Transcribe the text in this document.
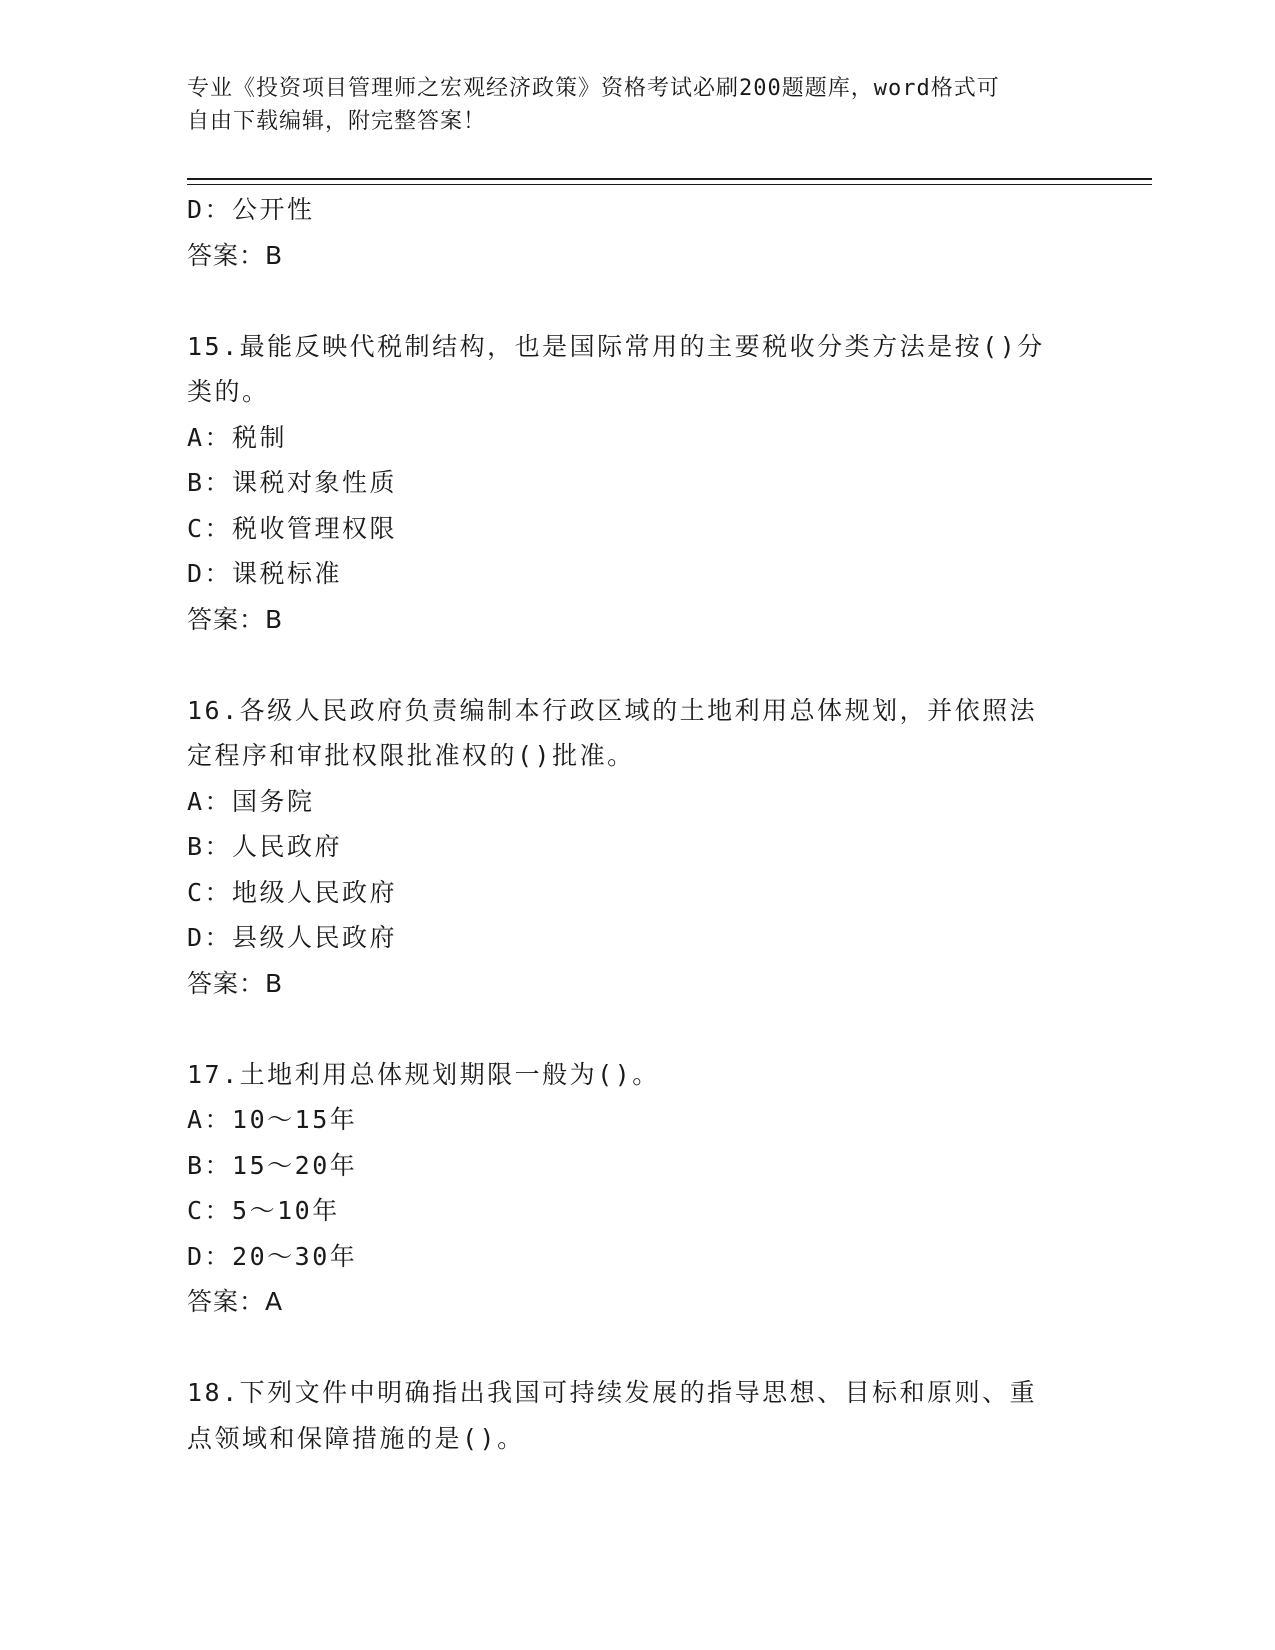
专业《投资项目管理师之宏观经济政策》资格考试必刷200题题库，word格式可
自由下载编辑，附完整答案！
D：公开性
答案：B
15.最能反映代税制结构，也是国际常用的主要税收分类方法是按()分
类的。
A：税制
B：课税对象性质
C：税收管理权限
D：课税标准
答案：B
16.各级人民政府负责编制本行政区域的土地利用总体规划，并依照法
定程序和审批权限批准权的()批准。
A：国务院
B：人民政府
C：地级人民政府
D：县级人民政府
答案：B
17.土地利用总体规划期限一般为()。
A：10～15年
B：15～20年
C：5～10年
D：20～30年
答案：A
18.下列文件中明确指出我国可持续发展的指导思想、目标和原则、重
点领域和保障措施的是()。
